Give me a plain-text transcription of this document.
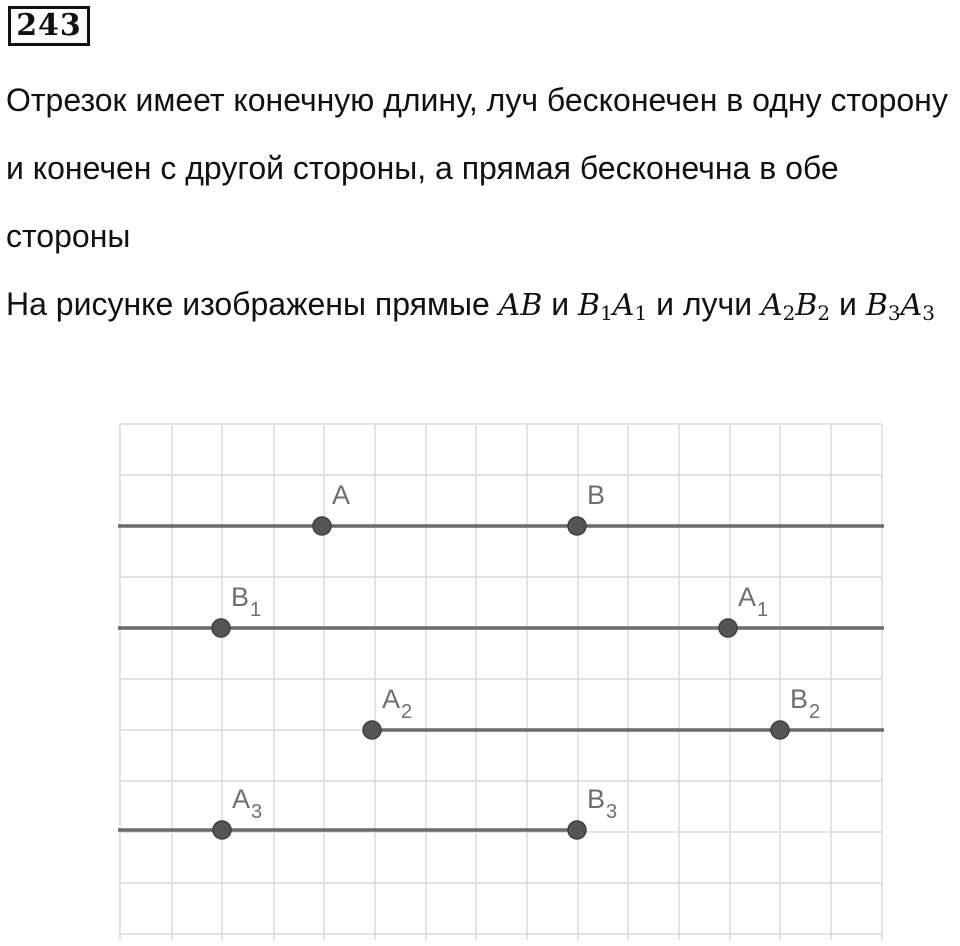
243

Отрезок имеет конечную длину, луч бесконечен в одну сторону и конечен с другой стороны, а прямая бесконечна в обе стороны

На рисунке изображены прямые AB и $B_1A_1$ и лучи $A_2B_2$ и $B_3A_3$

A	B
B 1	A 1
A 2	B 2
A 3	B 3
